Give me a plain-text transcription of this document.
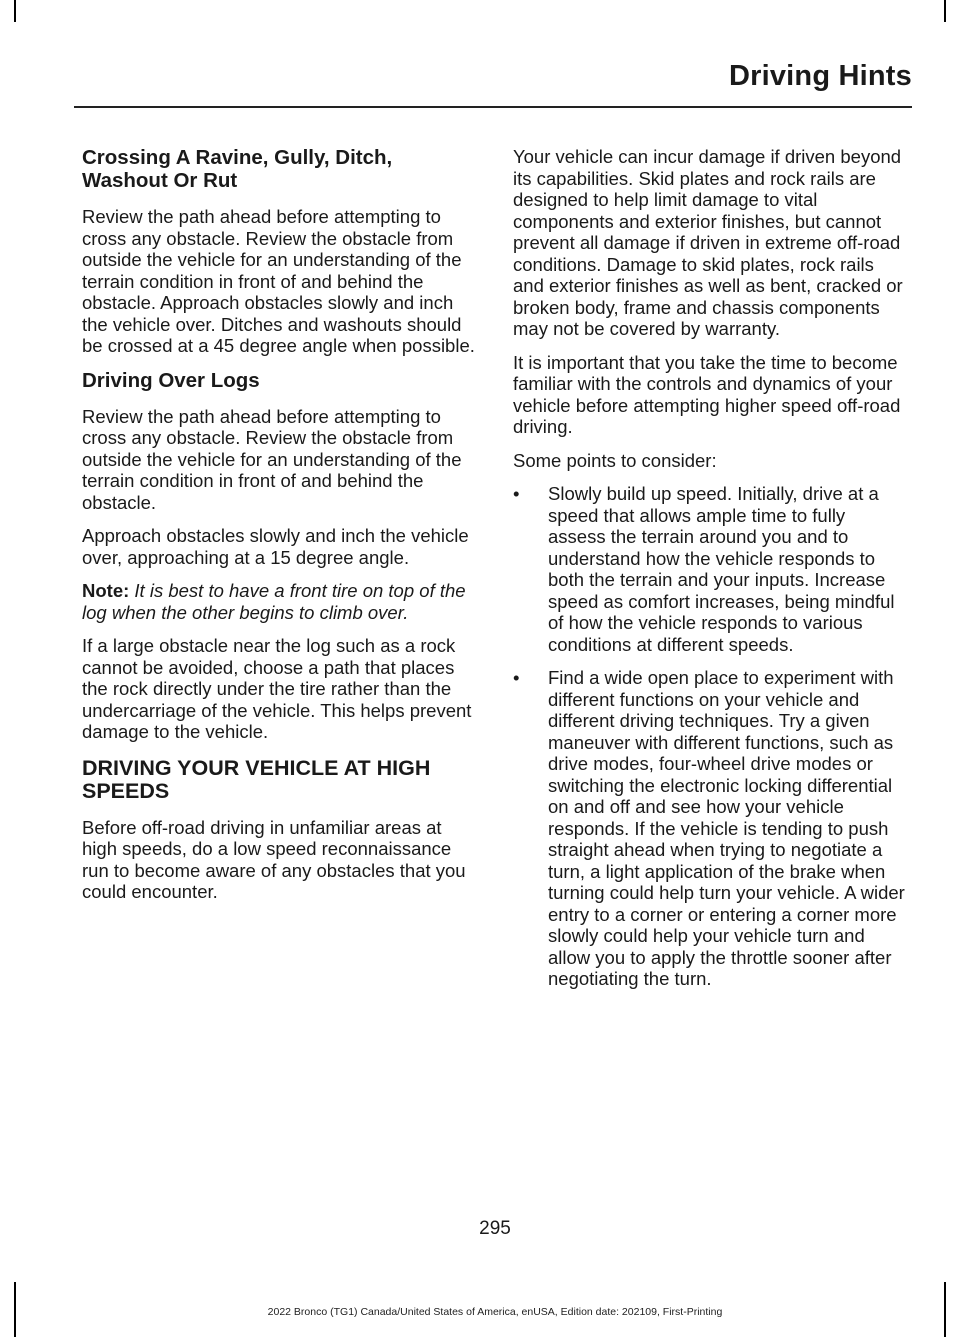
Driving Hints
Crossing A Ravine, Gully, Ditch, Washout Or Rut

Review the path ahead before attempting to cross any obstacle. Review the obstacle from outside the vehicle for an understanding of the terrain condition in front of and behind the obstacle. Approach obstacles slowly and inch the vehicle over. Ditches and washouts should be crossed at a 45 degree angle when possible.

Driving Over Logs

Review the path ahead before attempting to cross any obstacle. Review the obstacle from outside the vehicle for an understanding of the terrain condition in front of and behind the obstacle.

Approach obstacles slowly and inch the vehicle over, approaching at a 15 degree angle.

Note: It is best to have a front tire on top of the log when the other begins to climb over.

If a large obstacle near the log such as a rock cannot be avoided, choose a path that places the rock directly under the tire rather than the undercarriage of the vehicle. This helps prevent damage to the vehicle.

DRIVING YOUR VEHICLE AT HIGH SPEEDS

Before off-road driving in unfamiliar areas at high speeds, do a low speed reconnaissance run to become aware of any obstacles that you could encounter.

Your vehicle can incur damage if driven beyond its capabilities. Skid plates and rock rails are designed to help limit damage to vital components and exterior finishes, but cannot prevent all damage if driven in extreme off-road conditions. Damage to skid plates, rock rails and exterior finishes as well as bent, cracked or broken body, frame and chassis components may not be covered by warranty.

It is important that you take the time to become familiar with the controls and dynamics of your vehicle before attempting higher speed off-road driving.

Some points to consider:

• Slowly build up speed. Initially, drive at a speed that allows ample time to fully assess the terrain around you and to understand how the vehicle responds to both the terrain and your inputs. Increase speed as comfort increases, being mindful of how the vehicle responds to various conditions at different speeds.
• Find a wide open place to experiment with different functions on your vehicle and different driving techniques. Try a given maneuver with different functions, such as drive modes, four-wheel drive modes or switching the electronic locking differential on and off and see how your vehicle responds. If the vehicle is tending to push straight ahead when trying to negotiate a turn, a light application of the brake when turning could help turn your vehicle. A wider entry to a corner or entering a corner more slowly could help your vehicle turn and allow you to apply the throttle sooner after negotiating the turn.
295
2022 Bronco (TG1) Canada/United States of America, enUSA, Edition date: 202109, First-Printing
